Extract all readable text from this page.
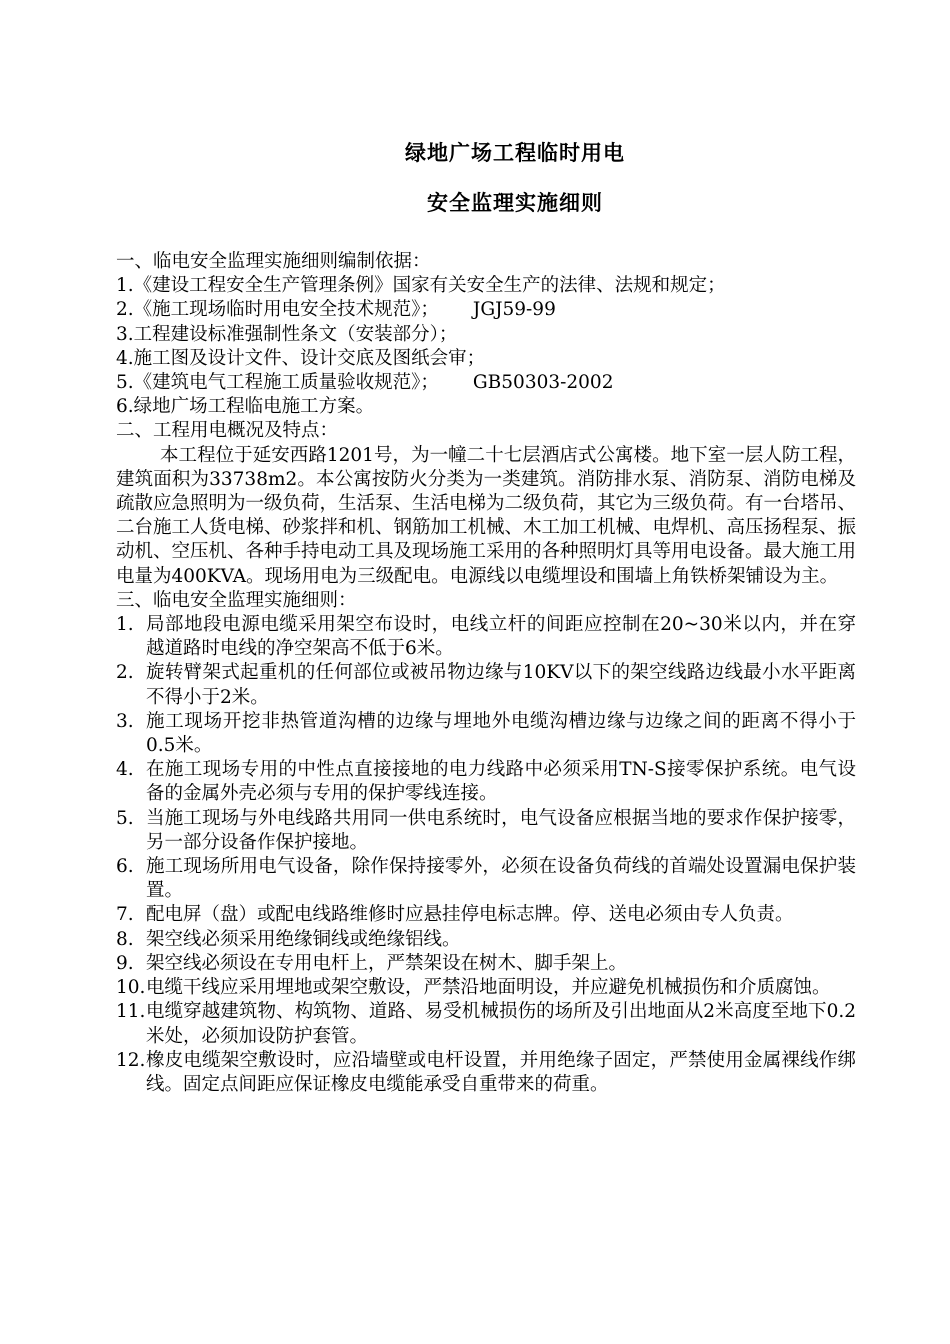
绿地广场工程临时用电
安全监理实施细则
一、临电安全监理实施细则编制依据：
1.《建设工程安全生产管理条例》国家有关安全生产的法律、法规和规定；
2.《施工现场临时用电安全技术规范》； JGJ59-99
3.工程建设标准强制性条文（安装部分）；
4.施工图及设计文件、设计交底及图纸会审；
5.《建筑电气工程施工质量验收规范》； GB50303-2002
6.绿地广场工程临电施工方案。
二、工程用电概况及特点：
本工程位于延安西路1201号，为一幢二十七层酒店式公寓楼。地下室一层人防工程，建筑面积为33738m2。本公寓按防火分类为一类建筑。消防排水泵、消防泵、消防电梯及疏散应急照明为一级负荷，生活泵、生活电梯为二级负荷，其它为三级负荷。有一台塔吊、二台施工人货电梯、砂浆拌和机、钢筋加工机械、木工加工机械、电焊机、高压扬程泵、振动机、空压机、各种手持电动工具及现场施工采用的各种照明灯具等用电设备。最大施工用电量为400KVA。现场用电为三级配电。电源线以电缆埋设和围墙上角铁桥架铺设为主。
三、临电安全监理实施细则：
1. 局部地段电源电缆采用架空布设时，电线立杆的间距应控制在20~30米以内，并在穿越道路时电线的净空架高不低于6米。
2. 旋转臂架式起重机的任何部位或被吊物边缘与10KV以下的架空线路边线最小水平距离不得小于2米。
3. 施工现场开挖非热管道沟槽的边缘与埋地外电缆沟槽边缘与边缘之间的距离不得小于0.5米。
4. 在施工现场专用的中性点直接接地的电力线路中必须采用TN-S接零保护系统。电气设备的金属外壳必须与专用的保护零线连接。
5. 当施工现场与外电线路共用同一供电系统时，电气设备应根据当地的要求作保护接零，另一部分设备作保护接地。
6. 施工现场所用电气设备，除作保持接零外，必须在设备负荷线的首端处设置漏电保护装置。
7. 配电屏（盘）或配电线路维修时应悬挂停电标志牌。停、送电必须由专人负责。
8. 架空线必须采用绝缘铜线或绝缘铝线。
9. 架空线必须设在专用电杆上，严禁架设在树木、脚手架上。
10. 电缆干线应采用埋地或架空敷设，严禁沿地面明设，并应避免机械损伤和介质腐蚀。
11. 电缆穿越建筑物、构筑物、道路、易受机械损伤的场所及引出地面从2米高度至地下0.2米处，必须加设防护套管。
12. 橡皮电缆架空敷设时，应沿墙壁或电杆设置，并用绝缘子固定，严禁使用金属裸线作绑线。固定点间距应保证橡皮电缆能承受自重带来的荷重。
